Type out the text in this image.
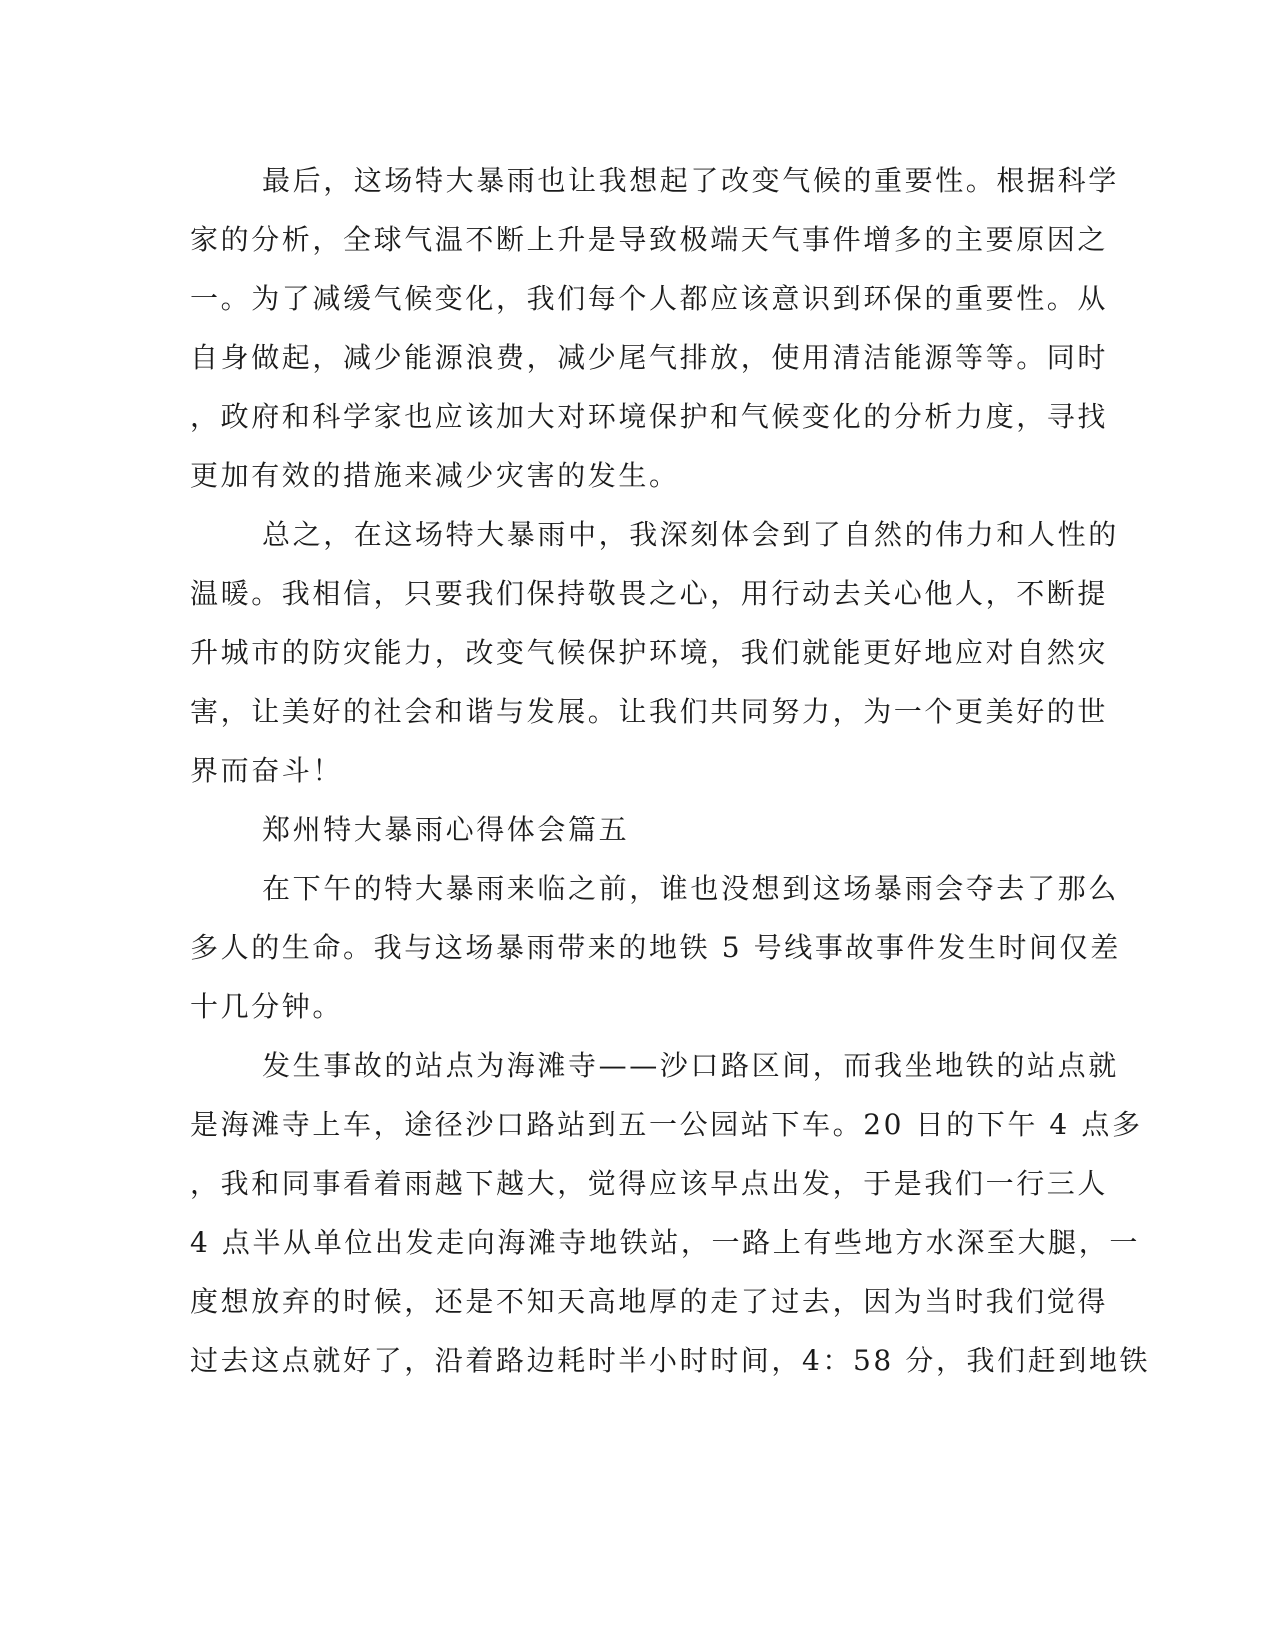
最后，这场特大暴雨也让我想起了改变气候的重要性。根据科学
家的分析，全球气温不断上升是导致极端天气事件增多的主要原因之
一。为了减缓气候变化，我们每个人都应该意识到环保的重要性。从
自身做起，减少能源浪费，减少尾气排放，使用清洁能源等等。同时
，政府和科学家也应该加大对环境保护和气候变化的分析力度，寻找
更加有效的措施来减少灾害的发生。
总之，在这场特大暴雨中，我深刻体会到了自然的伟力和人性的
温暖。我相信，只要我们保持敬畏之心，用行动去关心他人，不断提
升城市的防灾能力，改变气候保护环境，我们就能更好地应对自然灾
害，让美好的社会和谐与发展。让我们共同努力，为一个更美好的世
界而奋斗！
郑州特大暴雨心得体会篇五
在下午的特大暴雨来临之前，谁也没想到这场暴雨会夺去了那么
多人的生命。我与这场暴雨带来的地铁 5 号线事故事件发生时间仅差
十几分钟。
发生事故的站点为海滩寺——沙口路区间，而我坐地铁的站点就
是海滩寺上车，途径沙口路站到五一公园站下车。20 日的下午 4 点多
，我和同事看着雨越下越大，觉得应该早点出发，于是我们一行三人
4 点半从单位出发走向海滩寺地铁站，一路上有些地方水深至大腿，一
度想放弃的时候，还是不知天高地厚的走了过去，因为当时我们觉得
过去这点就好了，沿着路边耗时半小时时间，4：58 分，我们赶到地铁
